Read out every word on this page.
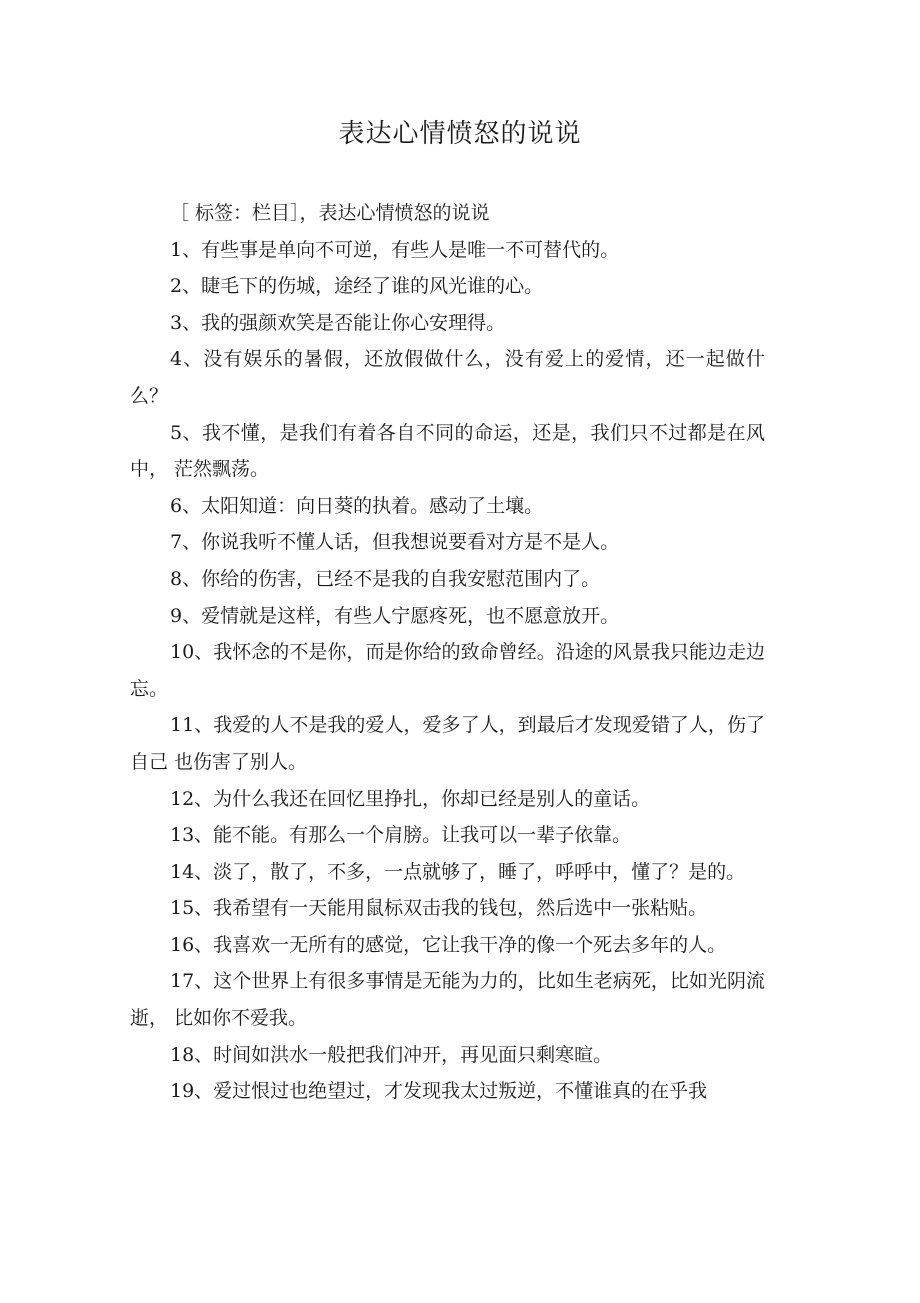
表达心情愤怒的说说

［ 标签：栏目］，表达心情愤怒的说说

1、有些事是单向不可逆，有些人是唯一不可替代的。

2、睫毛下的伤城，途经了谁的风光谁的心。

3、我的强颜欢笑是否能让你心安理得。

4、没有娱乐的暑假，还放假做什么，没有爱上的爱情，还一起做什么？

5、我不懂，是我们有着各自不同的命运，还是，我们只不过都是在风中， 茫然飘荡。

6、太阳知道：向日葵的执着。感动了土壤。

7、你说我听不懂人话，但我想说要看对方是不是人。

8、你给的伤害，已经不是我的自我安慰范围内了。

9、爱情就是这样，有些人宁愿疼死，也不愿意放开。

10、我怀念的不是你，而是你给的致命曾经。沿途的风景我只能边走边忘。

11、我爱的人不是我的爱人，爱多了人，到最后才发现爱错了人，伤了自己 也伤害了别人。

12、为什么我还在回忆里挣扎，你却已经是别人的童话。

13、能不能。有那么一个肩膀。让我可以一辈子依靠。

14、淡了，散了，不多，一点就够了，睡了，呼呼中，懂了？是的。

15、我希望有一天能用鼠标双击我的钱包，然后选中一张粘贴。

16、我喜欢一无所有的感觉，它让我干净的像一个死去多年的人。

17、这个世界上有很多事情是无能为力的，比如生老病死，比如光阴流逝， 比如你不爱我。

18、时间如洪水一般把我们冲开，再见面只剩寒暄。

19、爱过恨过也绝望过，才发现我太过叛逆，不懂谁真的在乎我
